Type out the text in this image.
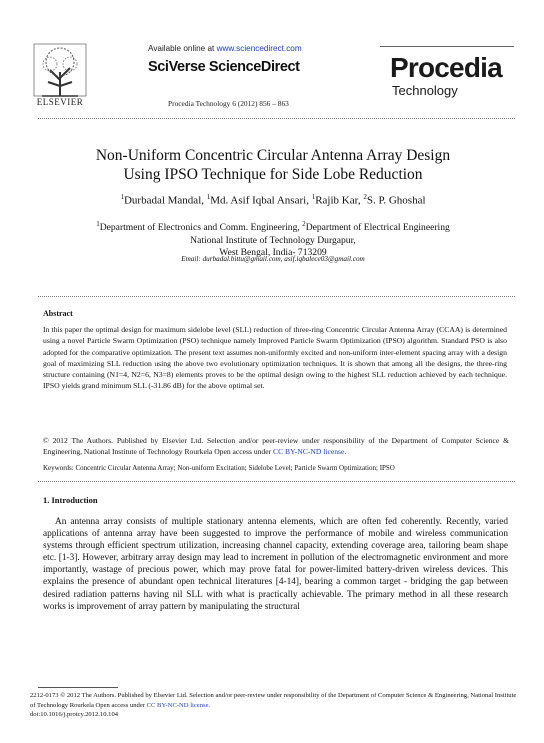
ELSEVIER
Available online at www.sciencedirect.com
SciVerse ScienceDirect
Procedia Technology 6 (2012) 856 – 863
Procedia
Technology
Non-Uniform Concentric Circular Antenna Array Design
Using IPSO Technique for Side Lobe Reduction
$^1$Durbadal Mandal, $^1$Md. Asif Iqbal Ansari, $^1$Rajib Kar, $^2$S. P. Ghoshal
$^1$Department of Electronics and Comm. Engineering, $^2$Department of Electrical Engineering
National Institute of Technology Durgapur,
West Bengal, India- 713209
Email: durbadal.bittu@gmail.com, asif.iqbalece03@gmail.com
Abstract
In this paper the optimal design for maximum sidelobe level (SLL) reduction of three-ring Concentric Circular Antenna Array (CCAA) is determined using a novel Particle Swarm Optimization (PSO) technique namely Improved Particle Swarm Optimization (IPSO) algorithm. Standard PSO is also adopted for the comparative optimization. The present text assumes non-uniformly excited and non-uniform inter-element spacing array with a design goal of maximizing SLL reduction using the above two evolutionary optimization techniques. It is shown that among all the designs, the three-ring structure containing (N1=4, N2=6, N3=8) elements proves to be the optimal design owing to the highest SLL reduction achieved by each technique. IPSO yields grand minimum SLL (-31.86 dB) for the above optimal set.
© 2012 The Authors. Published by Elsevier Ltd. Selection and/or peer-review under responsibility of the Department of Computer Science & Engineering, National Institute of Technology Rourkela Open access under CC BY-NC-ND license.
Keywords: Concentric Circular Antenna Array; Non-uniform Excitation; Sidelobe Level; Particle Swarm Optimization; IPSO
1. Introduction
An antenna array consists of multiple stationary antenna elements, which are often fed coherently. Recently, varied applications of antenna array have been suggested to improve the performance of mobile and wireless communication systems through efficient spectrum utilization, increasing channel capacity, extending coverage area, tailoring beam shape etc. [1-3]. However, arbitrary array design may lead to increment in pollution of the electromagnetic environment and more importantly, wastage of precious power, which may prove fatal for power-limited battery-driven wireless devices. This explains the presence of abundant open technical literatures [4-14], bearing a common target - bridging the gap between desired radiation patterns having nil SLL with what is practically achievable. The primary method in all these research works is improvement of array pattern by manipulating the structural
2212-0173 © 2012 The Authors. Published by Elsevier Ltd. Selection and/or peer-review under responsibility of the Department of Computer Science & Engineering, National Institute of Technology Rourkela Open access under CC BY-NC-ND license.
doi:10.1016/j.protcy.2012.10.104
